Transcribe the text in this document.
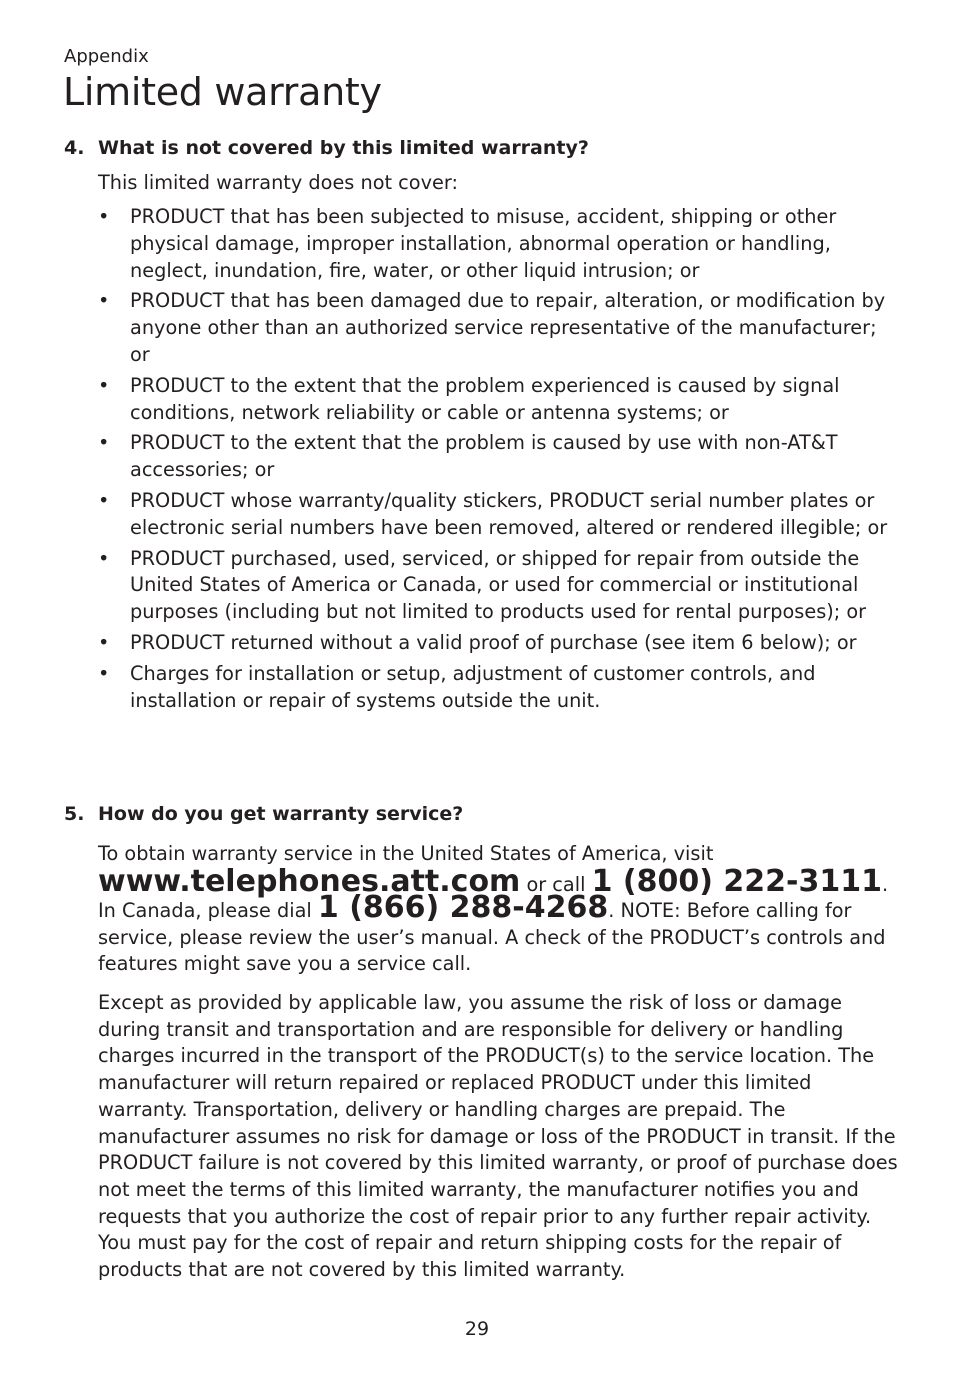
Appendix
Limited warranty
4. What is not covered by this limited warranty?

This limited warranty does not cover:

• PRODUCT that has been subjected to misuse, accident, shipping or other physical damage, improper installation, abnormal operation or handling, neglect, inundation, fire, water, or other liquid intrusion; or
• PRODUCT that has been damaged due to repair, alteration, or modification by anyone other than an authorized service representative of the manufacturer; or
• PRODUCT to the extent that the problem experienced is caused by signal conditions, network reliability or cable or antenna systems; or
• PRODUCT to the extent that the problem is caused by use with non-AT&T accessories; or
• PRODUCT whose warranty/quality stickers, PRODUCT serial number plates or electronic serial numbers have been removed, altered or rendered illegible; or
• PRODUCT purchased, used, serviced, or shipped for repair from outside the United States of America or Canada, or used for commercial or institutional purposes (including but not limited to products used for rental purposes); or
• PRODUCT returned without a valid proof of purchase (see item 6 below); or
• Charges for installation or setup, adjustment of customer controls, and installation or repair of systems outside the unit.
5. How do you get warranty service?

To obtain warranty service in the United States of America, visit

www.telephones.att.com or call 1 (800) 222-3111.
In Canada, please dial 1 (866) 288-4268. NOTE: Before calling for service, please review the user’s manual. A check of the PRODUCT’s controls and features might save you a service call.

Except as provided by applicable law, you assume the risk of loss or damage during transit and transportation and are responsible for delivery or handling charges incurred in the transport of the PRODUCT(s) to the service location. The manufacturer will return repaired or replaced PRODUCT under this limited warranty. Transportation, delivery or handling charges are prepaid. The manufacturer assumes no risk for damage or loss of the PRODUCT in transit. If the PRODUCT failure is not covered by this limited warranty, or proof of purchase does not meet the terms of this limited warranty, the manufacturer notifies you and requests that you authorize the cost of repair prior to any further repair activity. You must pay for the cost of repair and return shipping costs for the repair of products that are not covered by this limited warranty.

29
